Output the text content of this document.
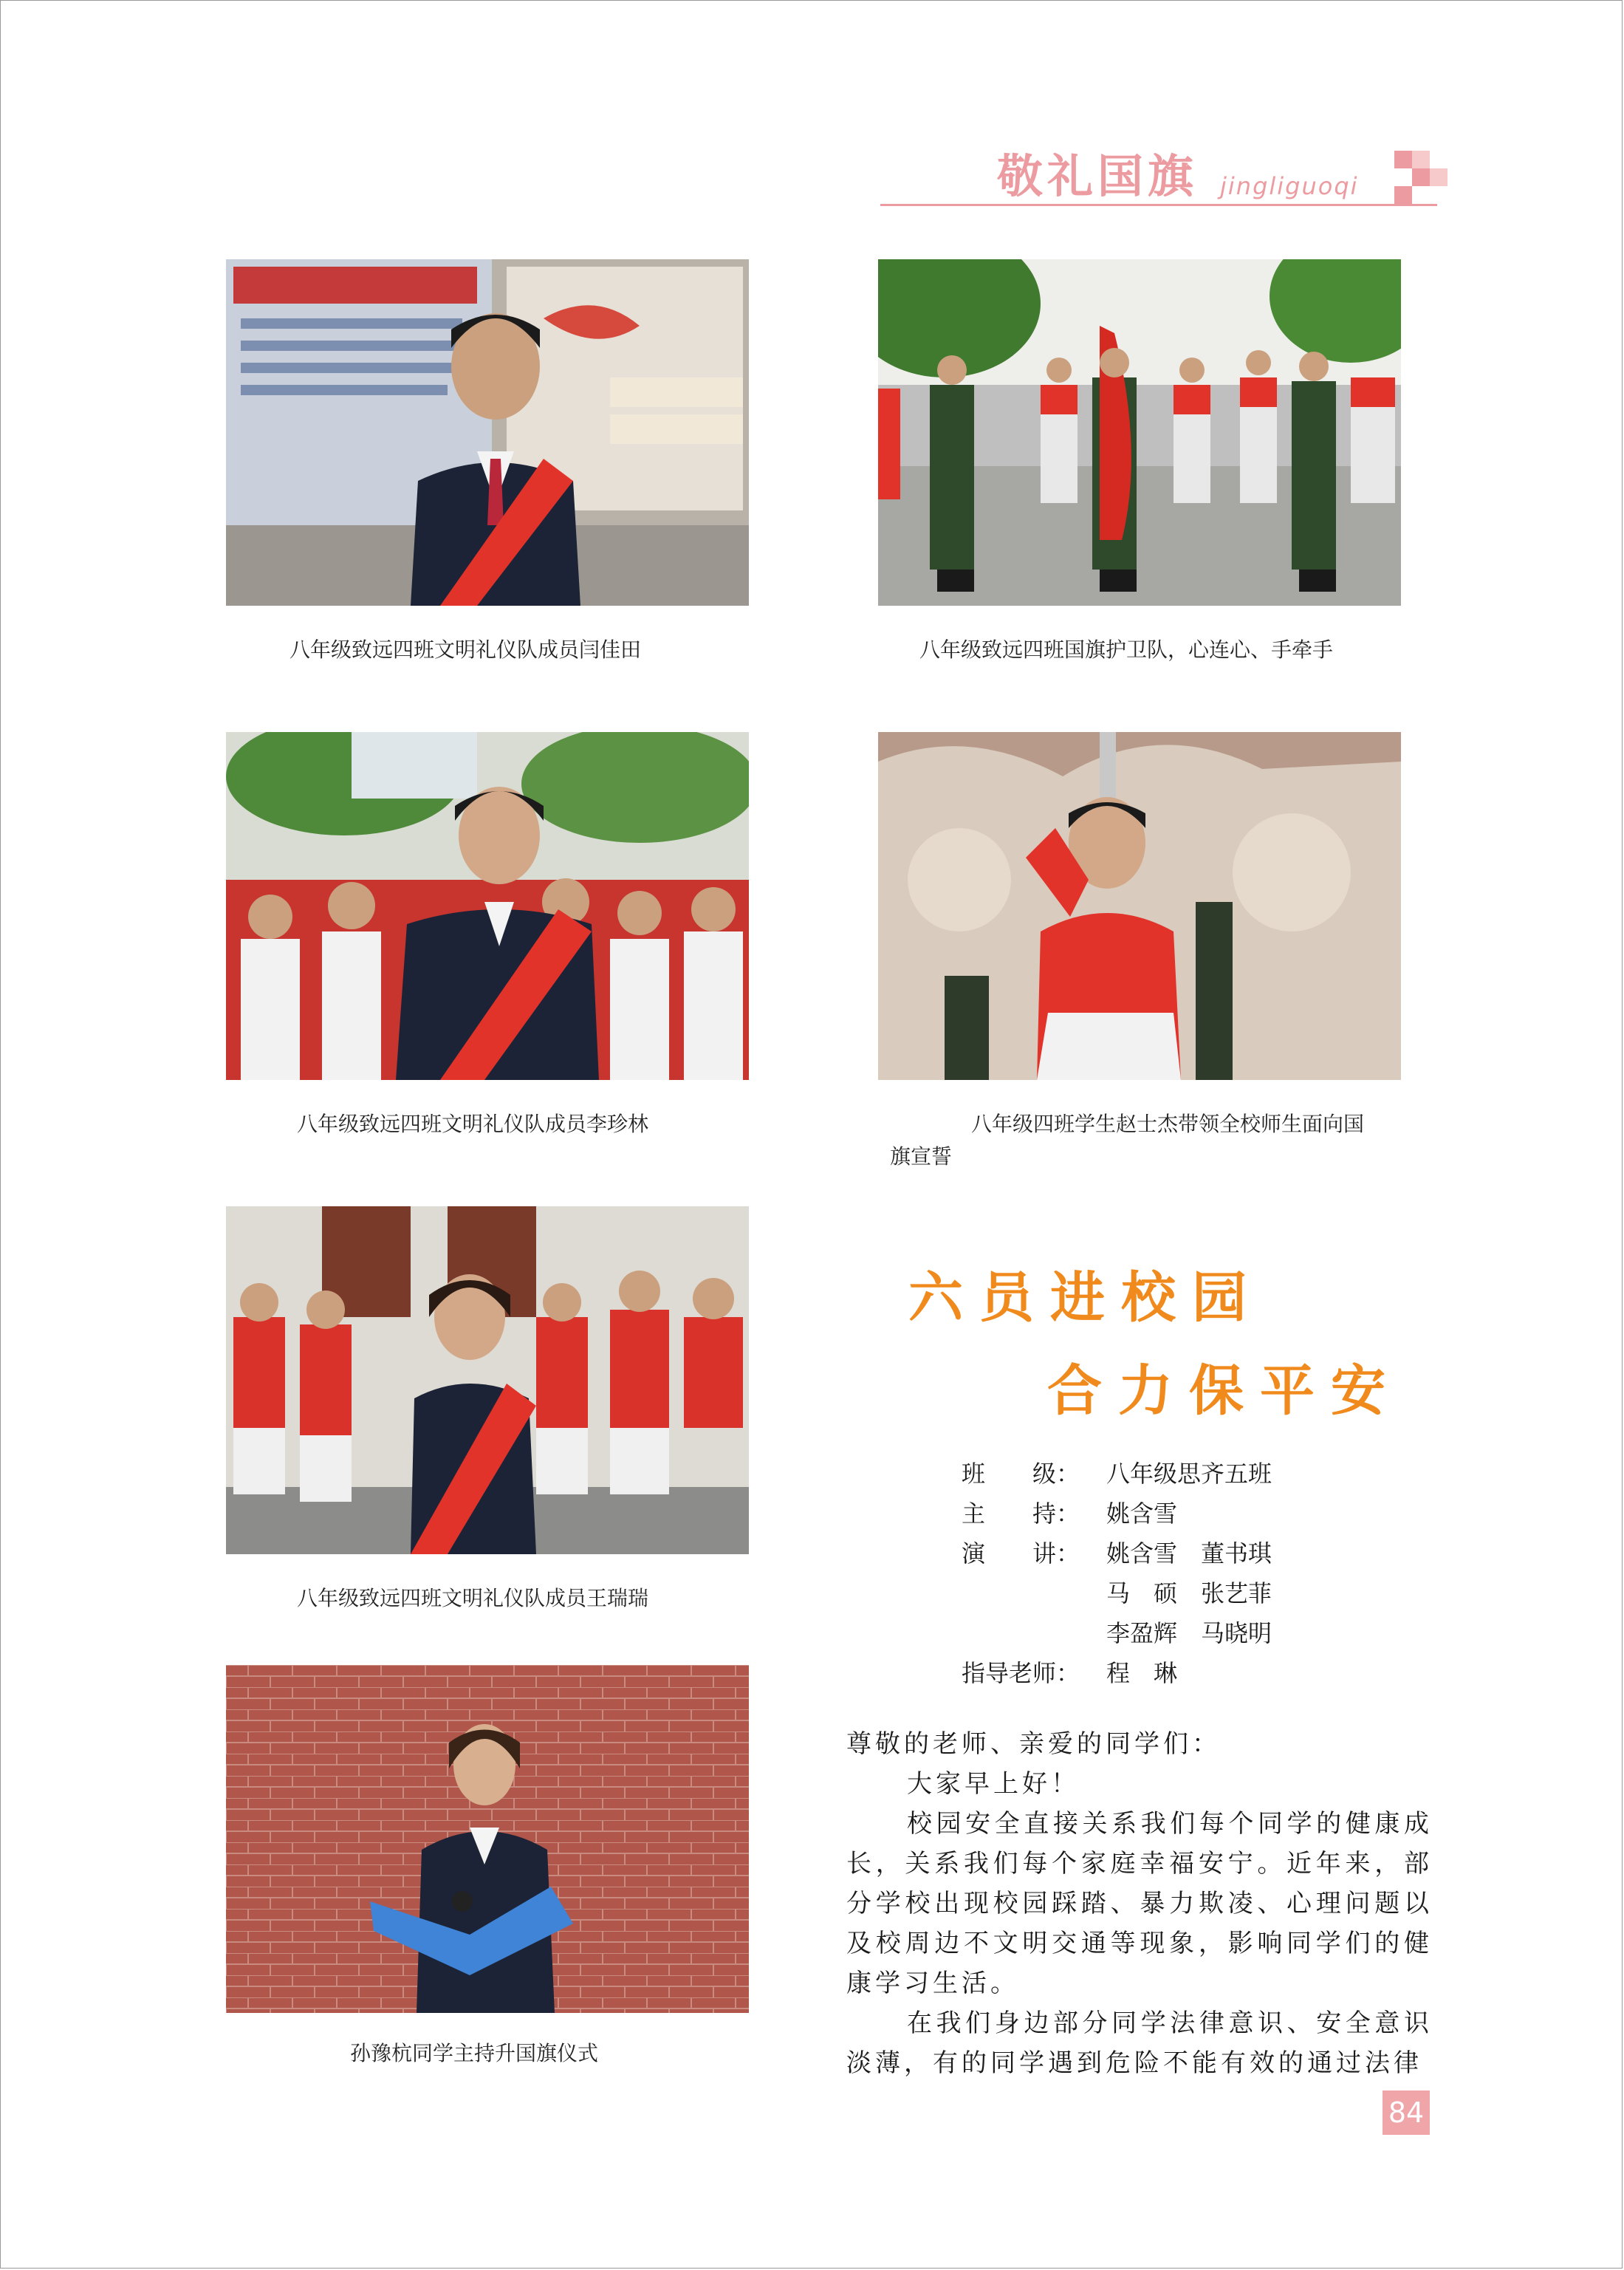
敬礼国旗 jingliguoqi
八年级致远四班文明礼仪队成员闫佳田	八年级致远四班国旗护卫队，心连心、手牵手
八年级致远四班文明礼仪队成员李珍林	八年级四班学生赵士杰带领全校师生面向国旗宣誓
八年级致远四班文明礼仪队成员王瑞瑞
孙豫杭同学主持升国旗仪式
六员进校园
合力保平安
班　　级： 八年级思齐五班
主　　持： 姚含雪
演　　讲： 姚含雪　董书琪
马　硕　张艺菲
李盈辉　马晓明
指导老师： 程　琳

尊敬的老师、亲爱的同学们：

大家早上好！

校园安全直接关系我们每个同学的健康成长，关系我们每个家庭幸福安宁。近年来，部分学校出现校园踩踏、暴力欺凌、心理问题以及校周边不文明交通等现象，影响同学们的健康学习生活。

在我们身边部分同学法律意识、安全意识淡薄，有的同学遇到危险不能有效的通过法律

84
